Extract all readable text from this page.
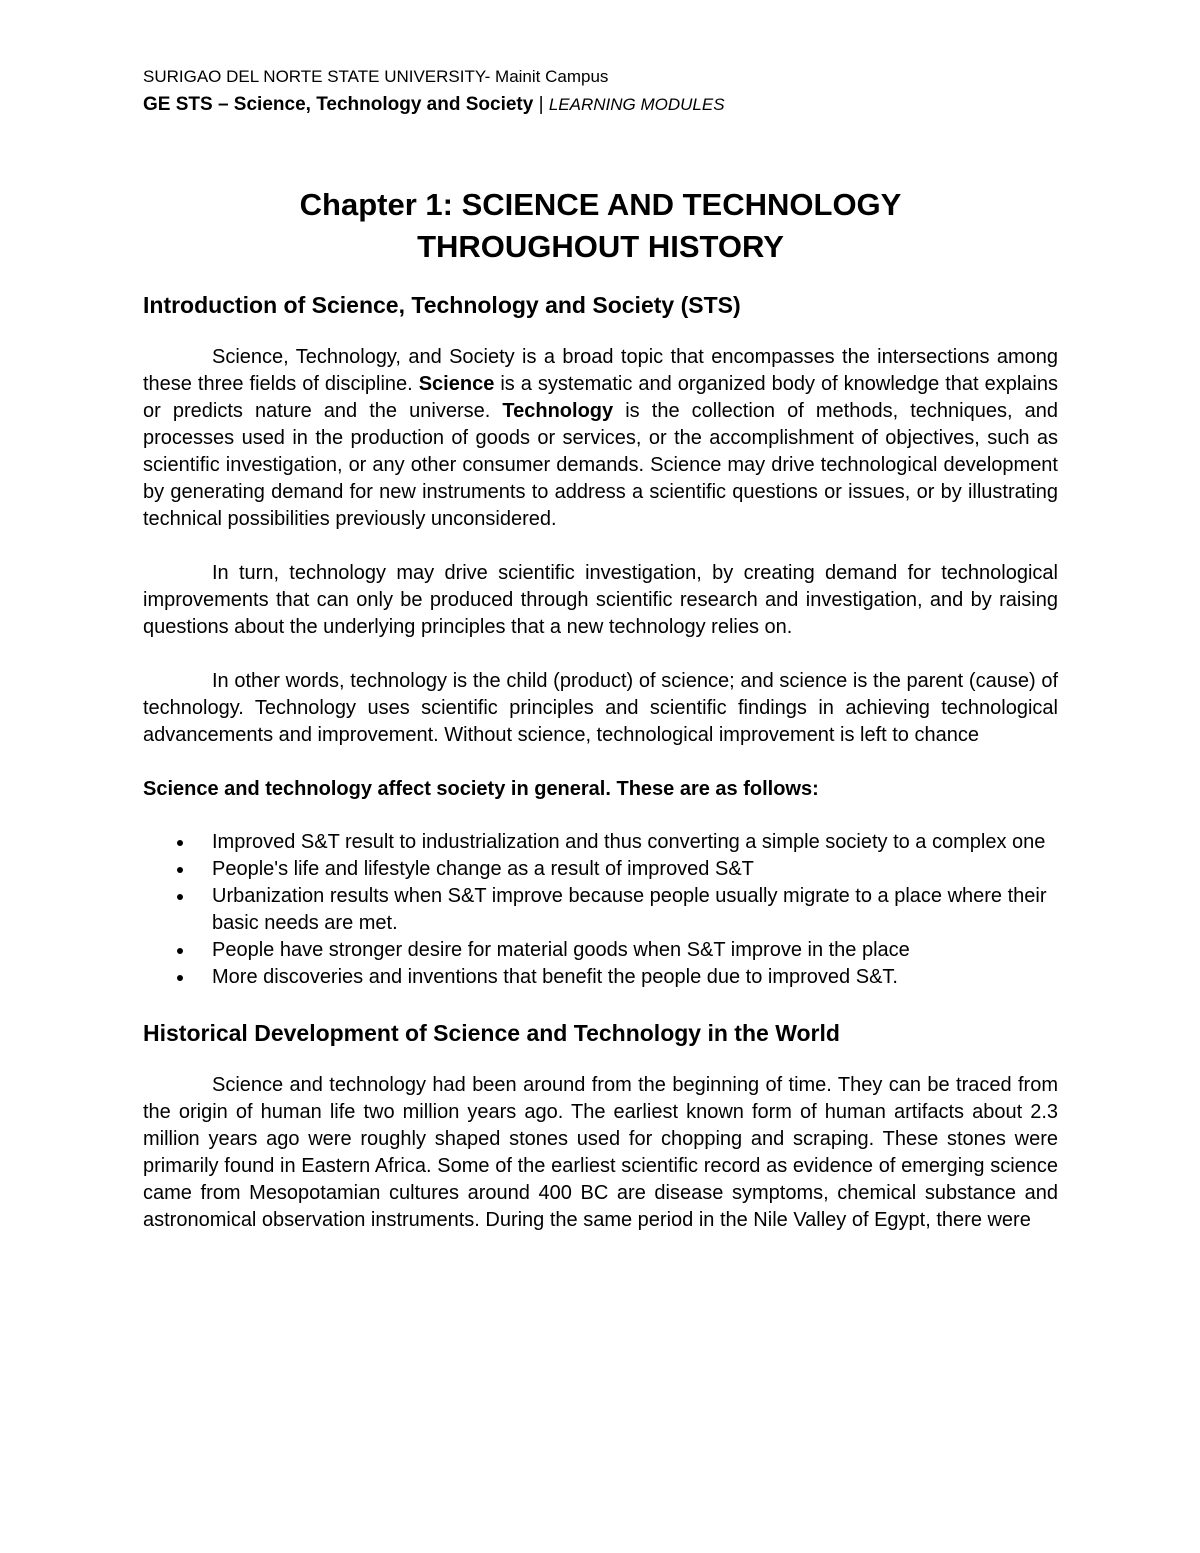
SURIGAO DEL NORTE STATE UNIVERSITY- Mainit Campus
GE STS – Science, Technology and Society | LEARNING MODULES
Chapter 1: SCIENCE AND TECHNOLOGY
THROUGHOUT HISTORY
Introduction of Science, Technology and Society (STS)

Science, Technology, and Society is a broad topic that encompasses the intersections among these three fields of discipline. Science is a systematic and organized body of knowledge that explains or predicts nature and the universe. Technology is the collection of methods, techniques, and processes used in the production of goods or services, or the accomplishment of objectives, such as scientific investigation, or any other consumer demands. Science may drive technological development by generating demand for new instruments to address a scientific questions or issues, or by illustrating technical possibilities previously unconsidered.

In turn, technology may drive scientific investigation, by creating demand for technological improvements that can only be produced through scientific research and investigation, and by raising questions about the underlying principles that a new technology relies on.

In other words, technology is the child (product) of science; and science is the parent (cause) of technology. Technology uses scientific principles and scientific findings in achieving technological advancements and improvement. Without science, technological improvement is left to chance

Science and technology affect society in general. These are as follows:
Improved S&T result to industrialization and thus converting a simple society to a complex one
People's life and lifestyle change as a result of improved S&T
Urbanization results when S&T improve because people usually migrate to a place where their basic needs are met.
People have stronger desire for material goods when S&T improve in the place
More discoveries and inventions that benefit the people due to improved S&T.
Historical Development of Science and Technology in the World

Science and technology had been around from the beginning of time. They can be traced from the origin of human life two million years ago. The earliest known form of human artifacts about 2.3 million years ago were roughly shaped stones used for chopping and scraping. These stones were primarily found in Eastern Africa. Some of the earliest scientific record as evidence of emerging science came from Mesopotamian cultures around 400 BC are disease symptoms, chemical substance and astronomical observation instruments. During the same period in the Nile Valley of Egypt, there were
